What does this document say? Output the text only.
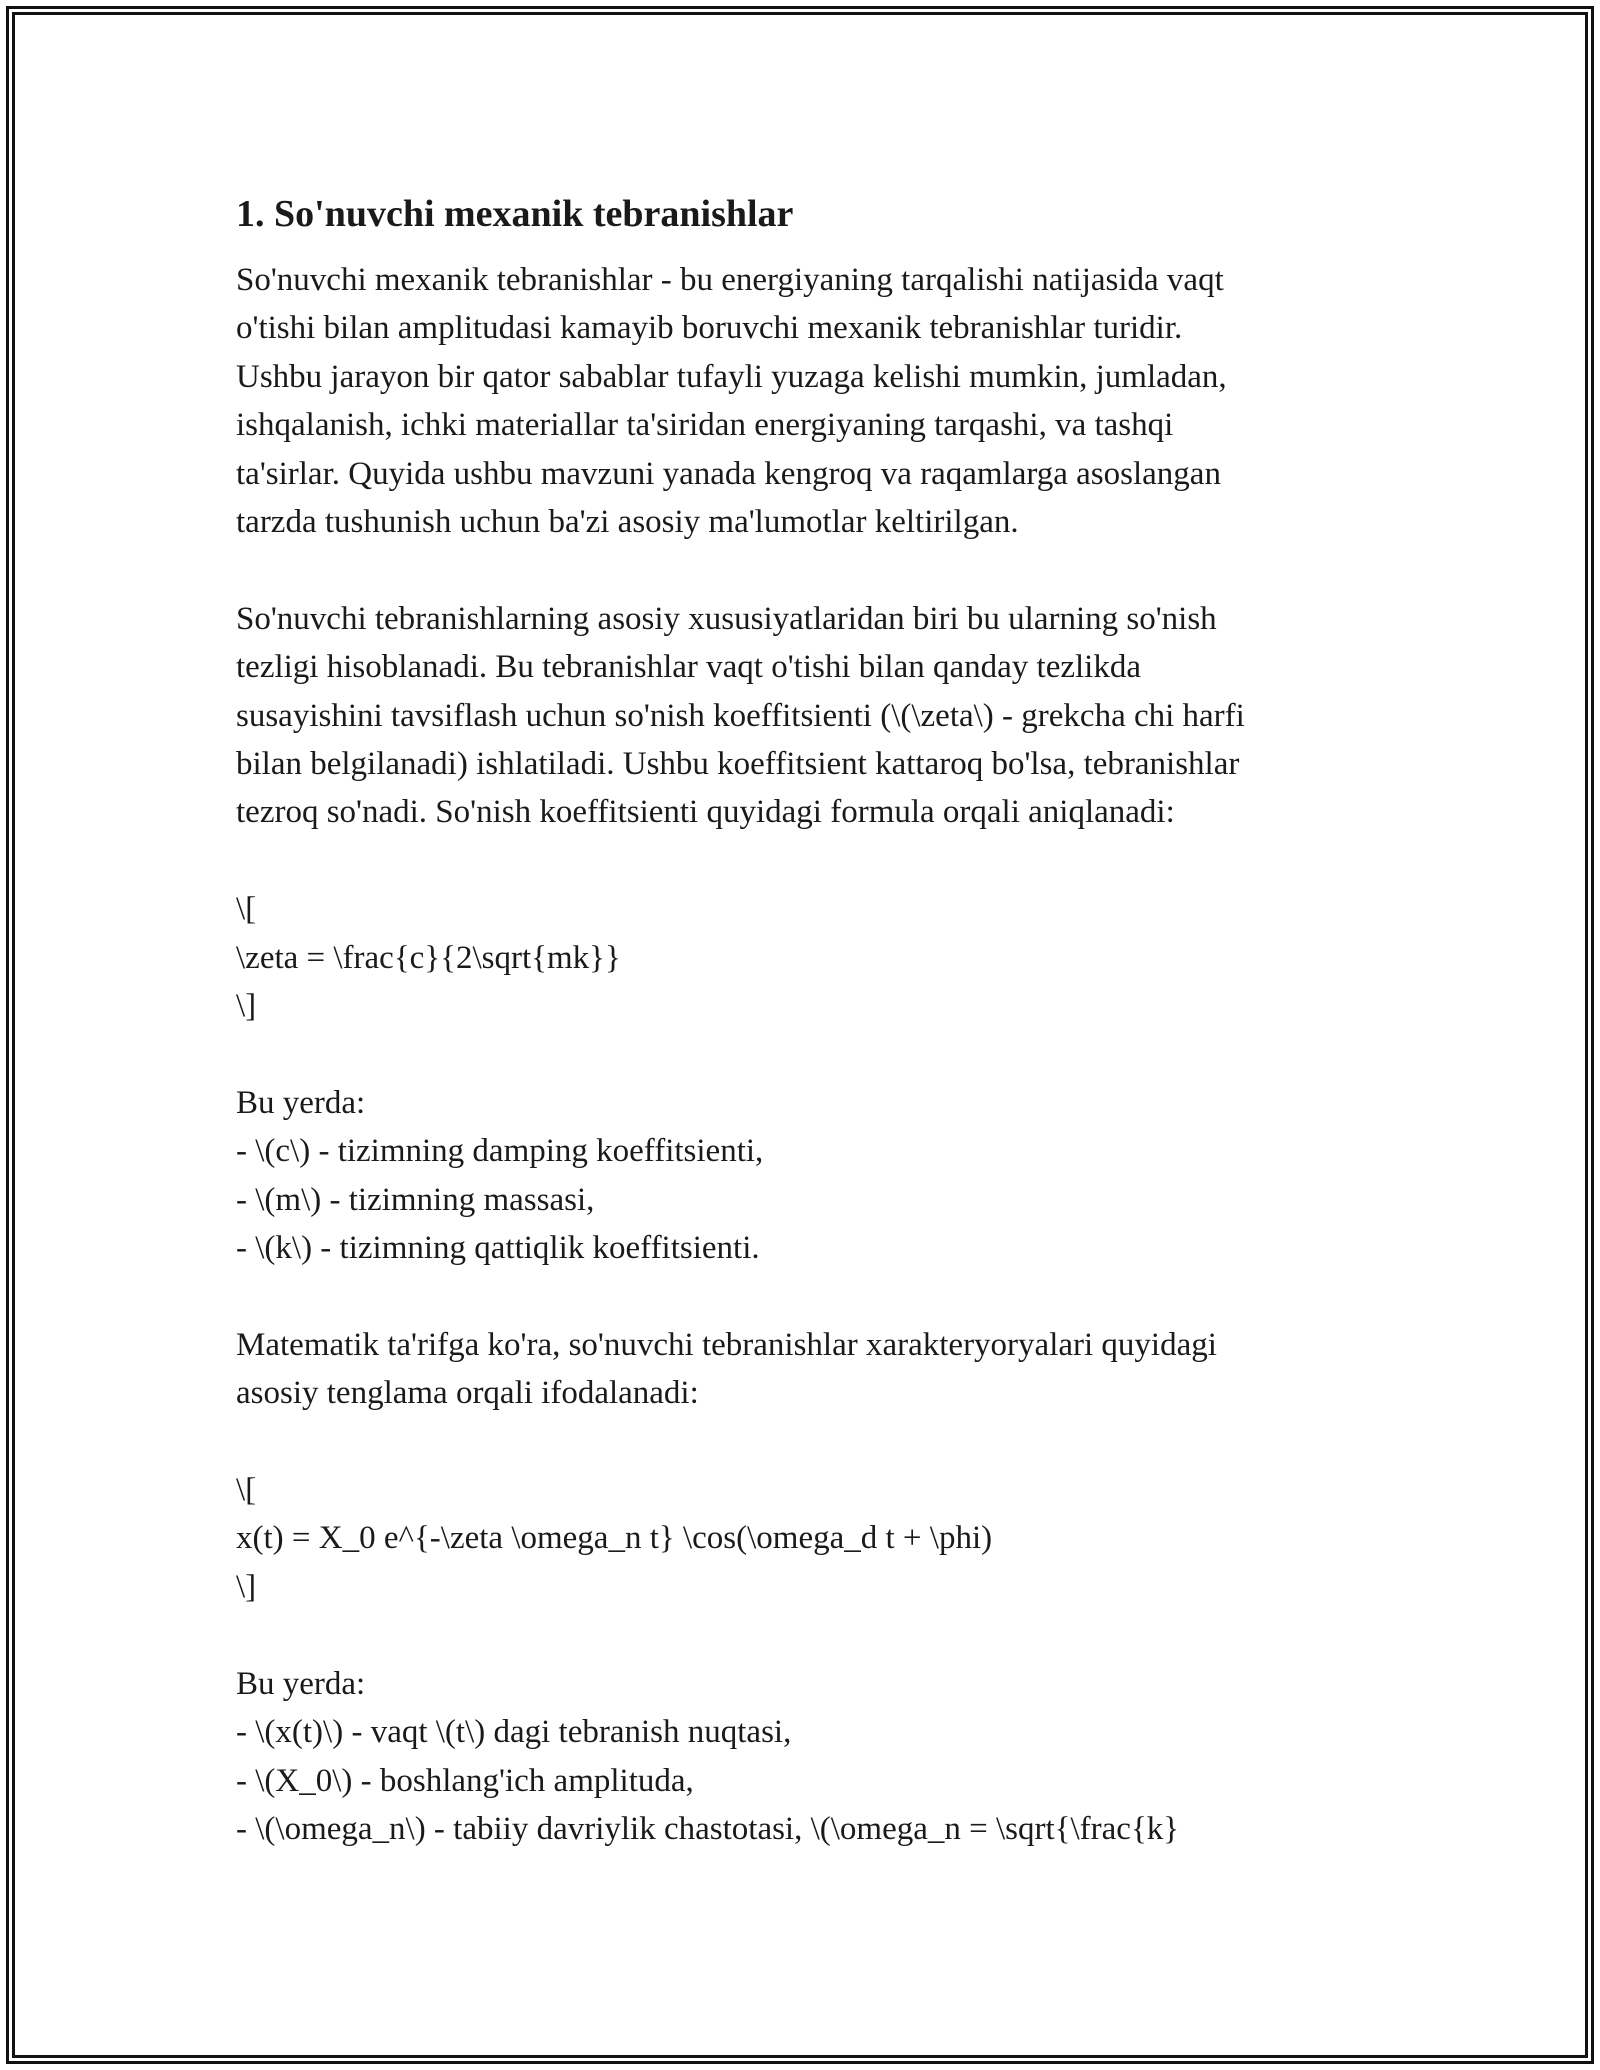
1. So'nuvchi mexanik tebranishlar

So'nuvchi mexanik tebranishlar - bu energiyaning tarqalishi natijasida vaqt
o'tishi bilan amplitudasi kamayib boruvchi mexanik tebranishlar turidir.
Ushbu jarayon bir qator sabablar tufayli yuzaga kelishi mumkin, jumladan,
ishqalanish, ichki materiallar ta'siridan energiyaning tarqashi, va tashqi
ta'sirlar. Quyida ushbu mavzuni yanada kengroq va raqamlarga asoslangan
tarzda tushunish uchun ba'zi asosiy ma'lumotlar keltirilgan.

So'nuvchi tebranishlarning asosiy xususiyatlaridan biri bu ularning so'nish
tezligi hisoblanadi. Bu tebranishlar vaqt o'tishi bilan qanday tezlikda
susayishini tavsiflash uchun so'nish koeffitsienti (\(\zeta\) - grekcha chi harfi
bilan belgilanadi) ishlatiladi. Ushbu koeffitsient kattaroq bo'lsa, tebranishlar
tezroq so'nadi. So'nish koeffitsienti quyidagi formula orqali aniqlanadi:

\[
\zeta = \frac{c}{2\sqrt{mk}}
\]

Bu yerda:
- \(c\) - tizimning damping koeffitsienti,
- \(m\) - tizimning massasi,
- \(k\) - tizimning qattiqlik koeffitsienti.

Matematik ta'rifga ko'ra, so'nuvchi tebranishlar xarakteryoryalari quyidagi
asosiy tenglama orqali ifodalanadi:

\[
x(t) = X_0 e^{-\zeta \omega_n t} \cos(\omega_d t + \phi)
\]

Bu yerda:
- \(x(t)\) - vaqt \(t\) dagi tebranish nuqtasi,
- \(X_0\) - boshlang'ich amplituda,
- \(\omega_n\) - tabiiy davriylik chastotasi, \(\omega_n = \sqrt{\frac{k}
